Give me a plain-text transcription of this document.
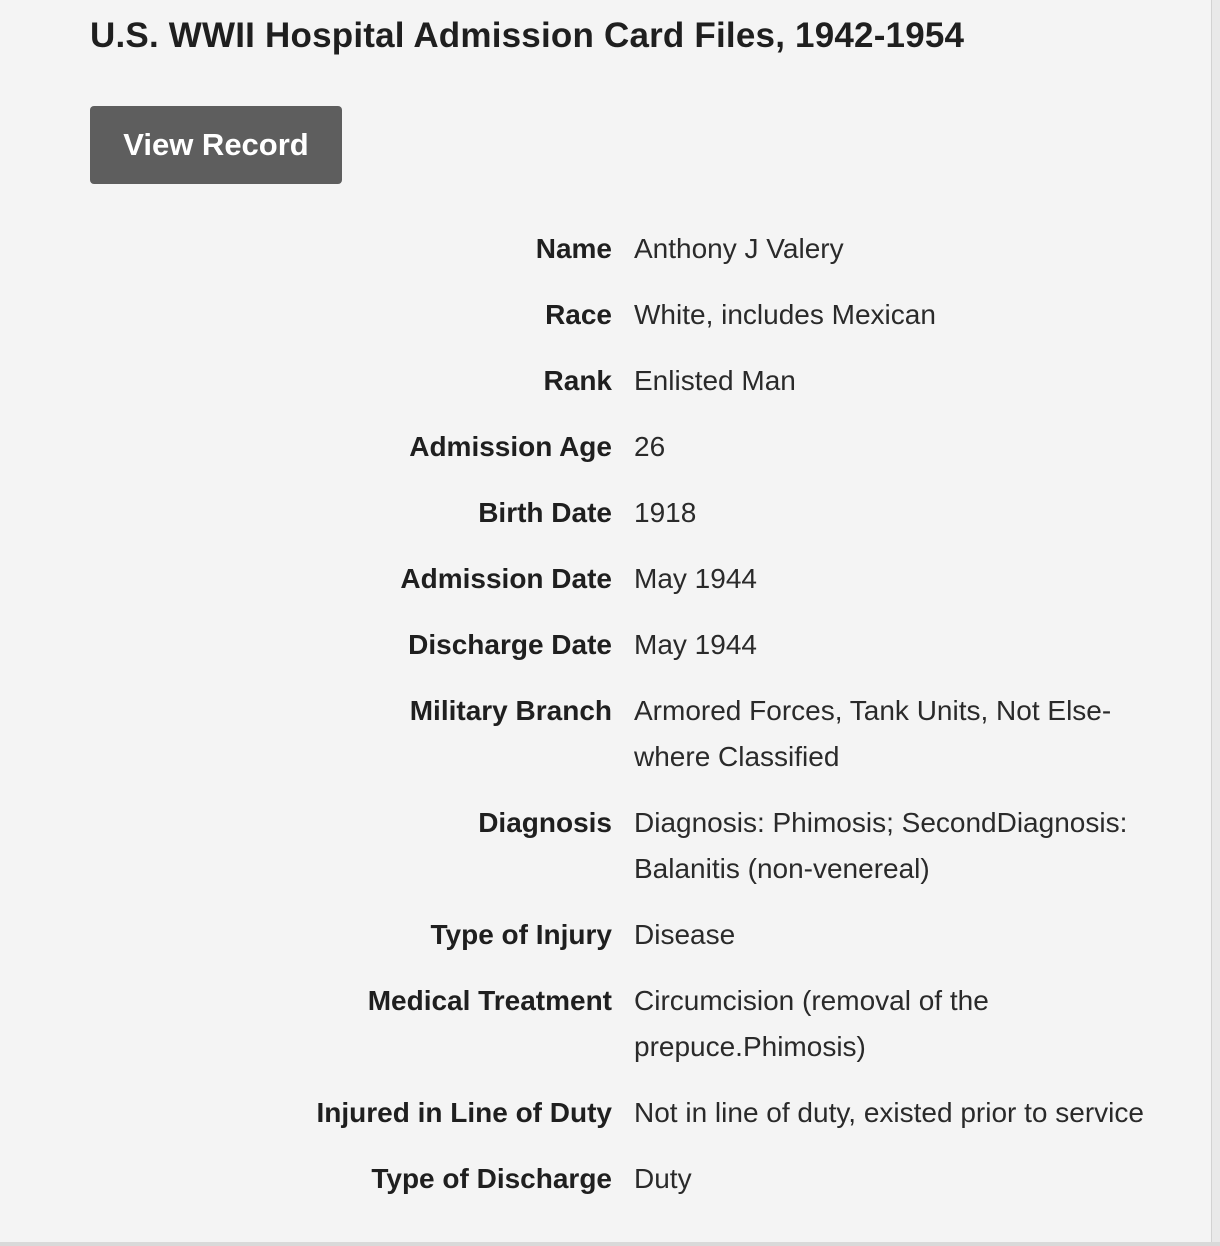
U.S. WWII Hospital Admission Card Files, 1942-1954
View Record
Name	Anthony J Valery
Race	White, includes Mexican
Rank	Enlisted Man
Admission Age	26
Birth Date	1918
Admission Date	May 1944
Discharge Date	May 1944
Military Branch	Armored Forces, Tank Units, Not Else-where Classified
Diagnosis	Diagnosis: Phimosis; SecondDiagnosis: Balanitis (non-venereal)
Type of Injury	Disease
Medical Treatment	Circumcision (removal of the prepuce.Phimosis)
Injured in Line of Duty	Not in line of duty, existed prior to service
Type of Discharge	Duty
